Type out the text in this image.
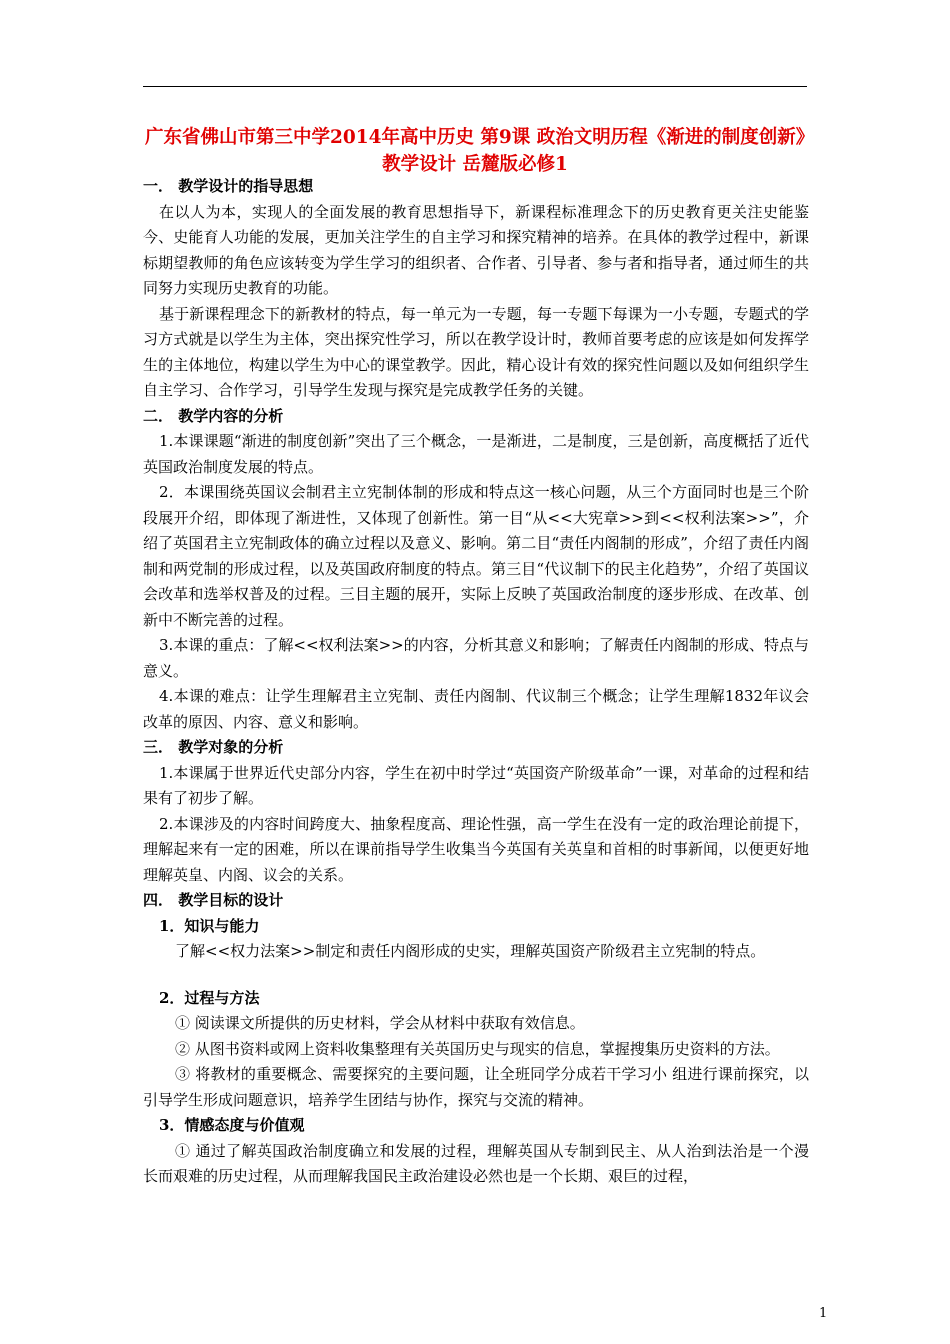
广东省佛山市第三中学2014年高中历史 第9课 政治文明历程《渐进的制度创新》教学设计 岳麓版必修1

一． 教学设计的指导思想

在以人为本，实现人的全面发展的教育思想指导下，新课程标准理念下的历史教育更关注史能鉴今、史能育人功能的发展，更加关注学生的自主学习和探究精神的培养。在具体的教学过程中，新课标期望教师的角色应该转变为学生学习的组织者、合作者、引导者、参与者和指导者，通过师生的共同努力实现历史教育的功能。

基于新课程理念下的新教材的特点，每一单元为一专题，每一专题下每课为一小专题，专题式的学习方式就是以学生为主体，突出探究性学习，所以在教学设计时，教师首要考虑的应该是如何发挥学生的主体地位，构建以学生为中心的课堂教学。因此，精心设计有效的探究性问题以及如何组织学生自主学习、合作学习，引导学生发现与探究是完成教学任务的关键。

二． 教学内容的分析

1.本课课题“渐进的制度创新”突出了三个概念，一是渐进，二是制度，三是创新，高度概括了近代英国政治制度发展的特点。

2．本课围绕英国议会制君主立宪制体制的形成和特点这一核心问题，从三个方面同时也是三个阶段展开介绍，即体现了渐进性，又体现了创新性。第一目“从<<大宪章>>到<<权利法案>>”，介绍了英国君主立宪制政体的确立过程以及意义、影响。第二目“责任内阁制的形成”，介绍了责任内阁制和两党制的形成过程，以及英国政府制度的特点。第三目“代议制下的民主化趋势”，介绍了英国议会改革和选举权普及的过程。三目主题的展开，实际上反映了英国政治制度的逐步形成、在改革、创新中不断完善的过程。

3.本课的重点：了解<<权利法案>>的内容，分析其意义和影响；了解责任内阁制的形成、特点与意义。

4.本课的难点：让学生理解君主立宪制、责任内阁制、代议制三个概念；让学生理解1832年议会改革的原因、内容、意义和影响。

三． 教学对象的分析

1.本课属于世界近代史部分内容，学生在初中时学过“英国资产阶级革命”一课，对革命的过程和结果有了初步了解。

2.本课涉及的内容时间跨度大、抽象程度高、理论性强，高一学生在没有一定的政治理论前提下，理解起来有一定的困难，所以在课前指导学生收集当今英国有关英皇和首相的时事新闻，以便更好地理解英皇、内阁、议会的关系。

四． 教学目标的设计

1．知识与能力

了解<<权力法案>>制定和责任内阁形成的史实，理解英国资产阶级君主立宪制的特点。

2．过程与方法

① 阅读课文所提供的历史材料，学会从材料中获取有效信息。

② 从图书资料或网上资料收集整理有关英国历史与现实的信息，掌握搜集历史资料的方法。

③ 将教材的重要概念、需要探究的主要问题，让全班同学分成若干学习小 组进行课前探究，以引导学生形成问题意识，培养学生团结与协作，探究与交流的精神。

3．情感态度与价值观

① 通过了解英国政治制度确立和发展的过程，理解英国从专制到民主、从人治到法治是一个漫长而艰难的历史过程，从而理解我国民主政治建设必然也是一个长期、艰巨的过程，

1
